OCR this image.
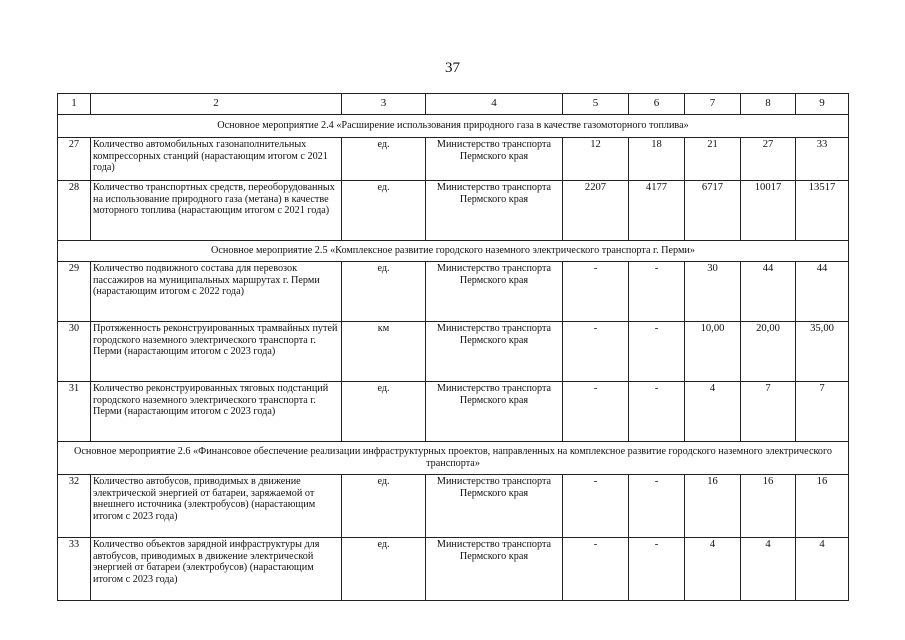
37
1	2	3	4	5	6	7	8	9
Основное мероприятие 2.4 «Расширение использования природного газа в качестве газомоторного топлива»								
27	Количество автомобильных газонаполнительных компрессорных станций (нарастающим итогом с 2021 года)	ед.	Министерство транспорта Пермского края	12	18	21	27	33
28	Количество транспортных средств, переоборудованных на использование природного газа (метана) в качестве моторного топлива (нарастающим итогом с 2021 года)	ед.	Министерство транспорта Пермского края	2207	4177	6717	10017	13517
Основное мероприятие 2.5 «Комплексное развитие городского наземного электрического транспорта г. Перми»								
29	Количество подвижного состава для перевозок пассажиров на муниципальных маршрутах г. Перми (нарастающим итогом с 2022 года)	ед.	Министерство транспорта Пермского края	-	-	30	44	44
30	Протяженность реконструированных трамвайных путей городского наземного электрического транспорта г. Перми (нарастающим итогом с 2023 года)	км	Министерство транспорта Пермского края	-	-	10,00	20,00	35,00
31	Количество реконструированных тяговых подстанций городского наземного электрического транспорта г. Перми (нарастающим итогом с 2023 года)	ед.	Министерство транспорта Пермского края	-	-	4	7	7
Основное мероприятие 2.6 «Финансовое обеспечение реализации инфраструктурных проектов, направленных на комплексное развитие городского наземного электрического транспорта»								
32	Количество автобусов, приводимых в движение электрической энергией от батареи, заряжаемой от внешнего источника (электробусов) (нарастающим итогом с 2023 года)	ед.	Министерство транспорта Пермского края	-	-	16	16	16
33	Количество объектов зарядной инфраструктуры для автобусов, приводимых в движение электрической энергией от батареи (электробусов) (нарастающим итогом с 2023 года)	ед.	Министерство транспорта Пермского края	-	-	4	4	4
